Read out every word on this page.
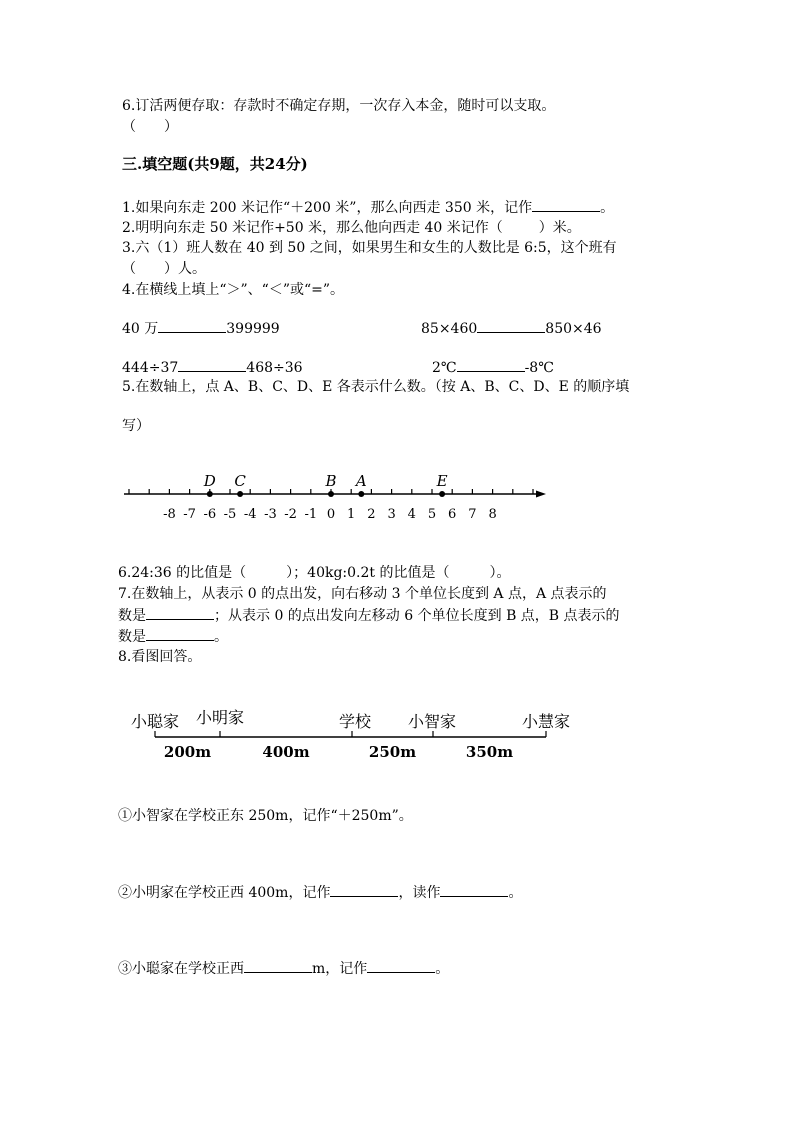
6.订活两便存取：存款时不确定存期，一次存入本金，随时可以支取。
（　　）
三.填空题(共9题，共24分)
1.如果向东走 200 米记作“＋200 米”，那么向西走 350 米，记作	。
2.明明向东走 50 米记作+50 米，那么他向西走 40 米记作（	）米。
3.六（1）班人数在 40 到 50 之间，如果男生和女生的人数比是 6:5，这个班有
（　　）人。
4.在横线上填上“＞”、“＜”或“=”。
40 万	399999	85×460	850×46
444÷37	468÷36	2℃	-8℃
5.在数轴上，点 A、B、C、D、E 各表示什么数。（按 A、B、C、D、E 的顺序填
写）
-8 -7 -6 -5 -4 -3 -2 -1 0 1 2 3 4 5 6 7 8
D C	B A	E
6.24:36 的比值是（	）；40kg:0.2t 的比值是（	）。
7.在数轴上，从表示 0 的点出发，向右移动 3 个单位长度到 A 点，A 点表示的
数是	；从表示 0 的点出发向左移动 6 个单位长度到 B 点，B 点表示的
数是	。
8.看图回答。
小聪家 小明家	学校 小智家	小慧家
200m	400m	250m	350m
①小智家在学校正东 250m，记作“＋250m”。
②小明家在学校正西 400m，记作	，读作	。
③小聪家在学校正西	m，记作	。
